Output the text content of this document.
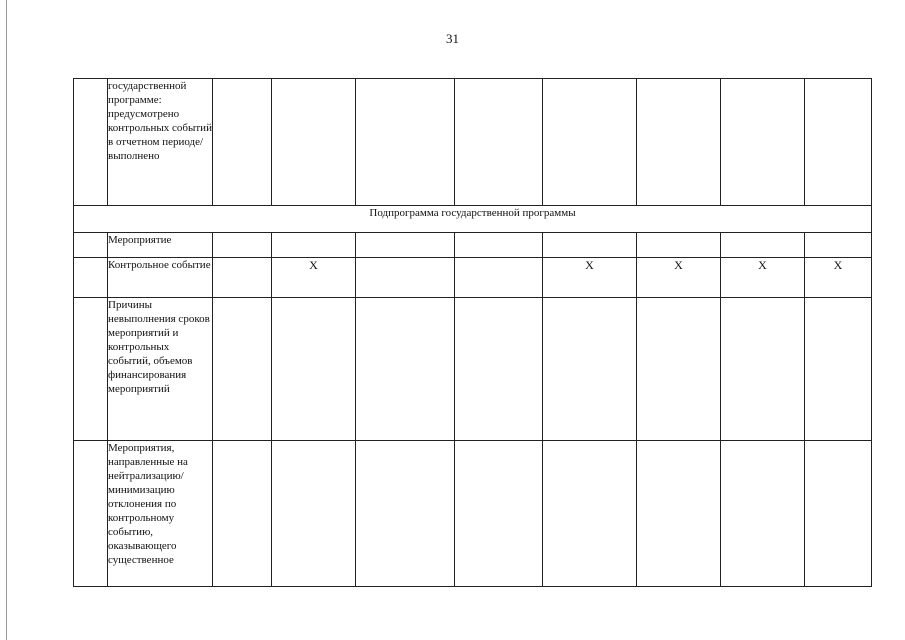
31
	государственной программе: предусмотрено контрольных событий в отчетном периоде/ выполнено								
Подпрограмма государственной программы									
	Мероприятие								
	Контрольное событие		X			X	X	X	X
	Причины невыполнения сроков мероприятий и контрольных событий, объемов финансирования мероприятий								
	Мероприятия, направленные на нейтрализацию/ минимизацию отклонения по контрольному событию, оказывающего существенное								
